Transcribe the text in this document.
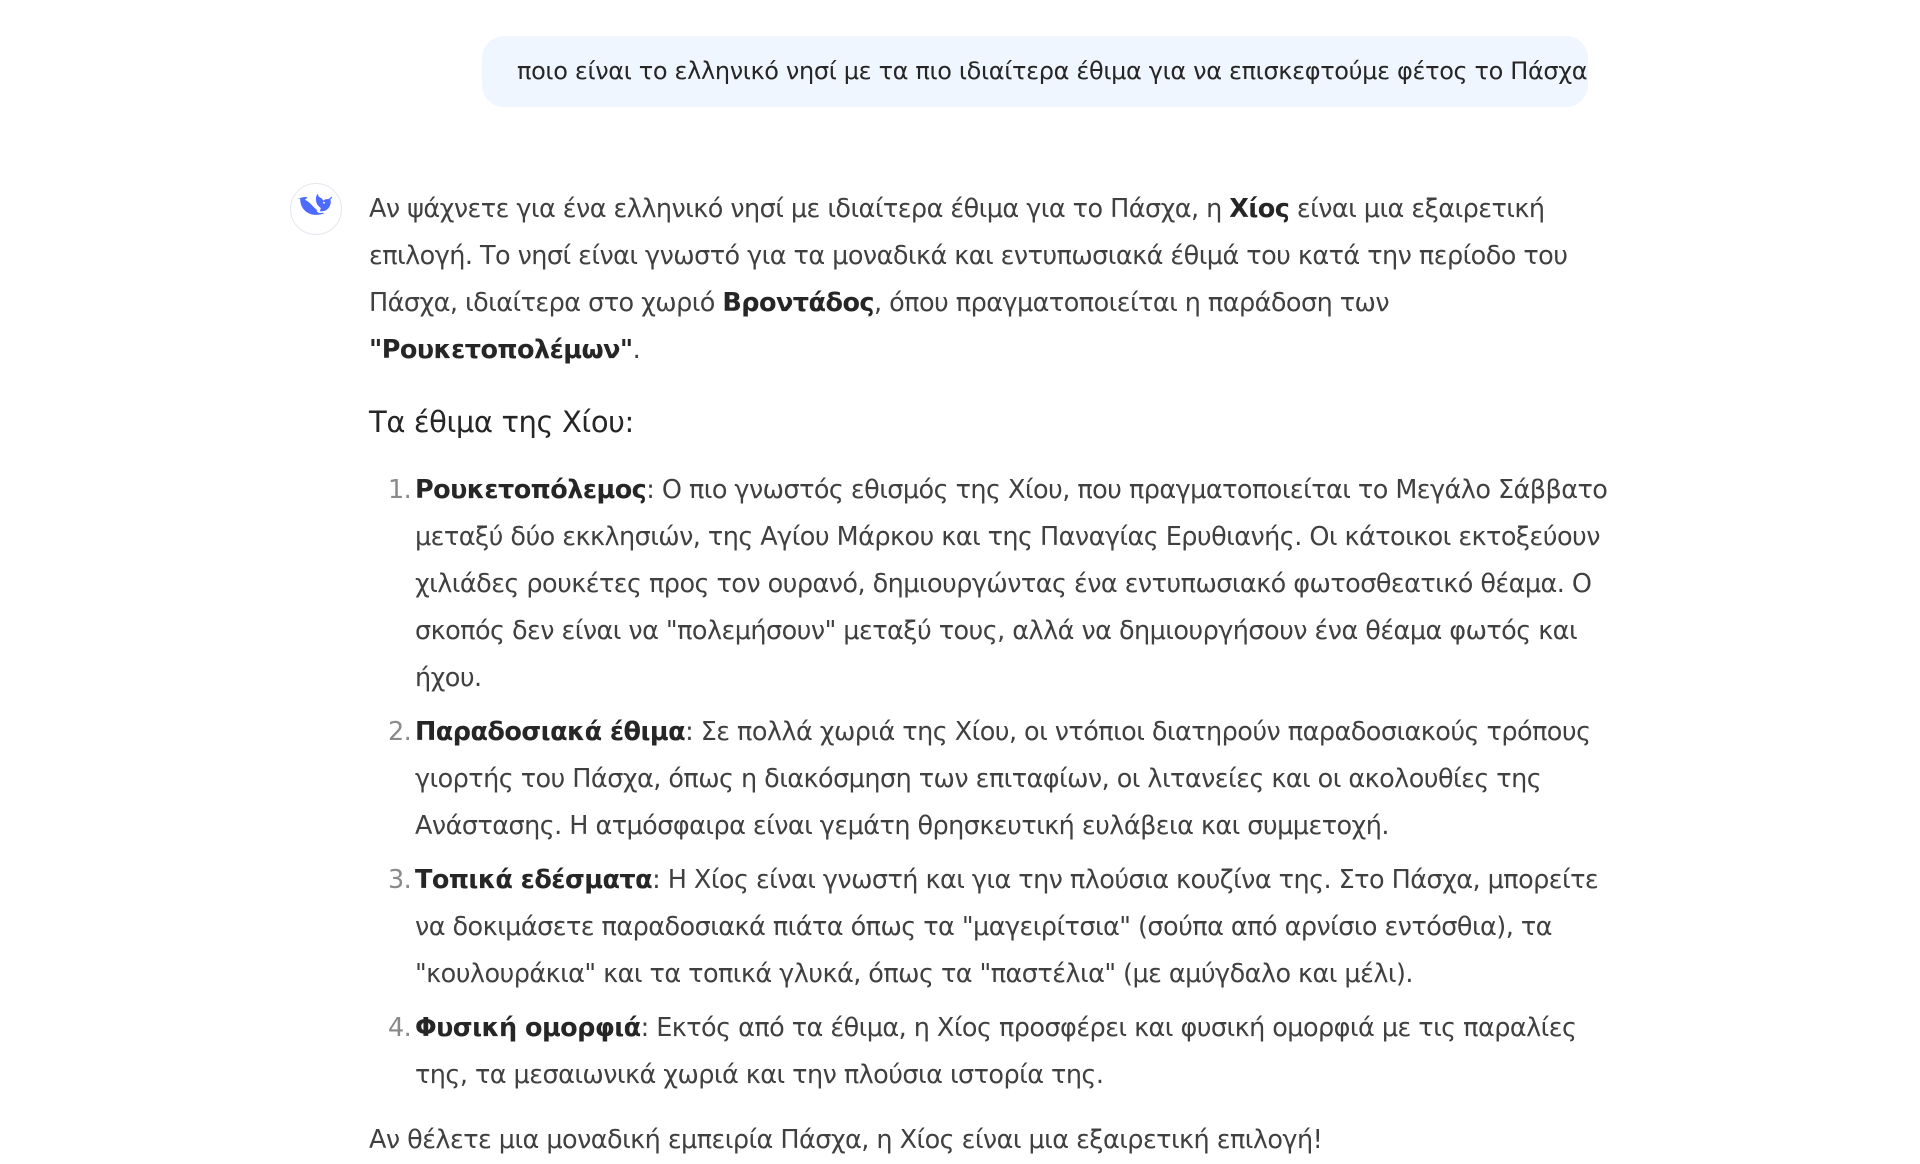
ποιο είναι το ελληνικό νησί με τα πιο ιδιαίτερα έθιμα για να επισκεφτούμε φέτος το Πάσχα

Αν ψάχνετε για ένα ελληνικό νησί με ιδιαίτερα έθιμα για το Πάσχα, η Χίος είναι μια εξαιρετική επιλογή. Το νησί είναι γνωστό για τα μοναδικά και εντυπωσιακά έθιμά του κατά την περίοδο του Πάσχα, ιδιαίτερα στο χωριό Βροντάδος, όπου πραγματοποιείται η παράδοση των "Ρουκετοπολέμων".

Τα έθιμα της Χίου:
1. Ρουκετοπόλεμος: Ο πιο γνωστός εθισμός της Χίου, που πραγματοποιείται το Μεγάλο Σάββατο μεταξύ δύο εκκλησιών, της Αγίου Μάρκου και της Παναγίας Ερυθιανής. Οι κάτοικοι εκτοξεύουν χιλιάδες ρουκέτες προς τον ουρανό, δημιουργώντας ένα εντυπωσιακό φωτοσθεατικό θέαμα. Ο σκοπός δεν είναι να "πολεμήσουν" μεταξύ τους, αλλά να δημιουργήσουν ένα θέαμα φωτός και ήχου.
2. Παραδοσιακά έθιμα: Σε πολλά χωριά της Χίου, οι ντόπιοι διατηρούν παραδοσιακούς τρόπους γιορτής του Πάσχα, όπως η διακόσμηση των επιταφίων, οι λιτανείες και οι ακολουθίες της Ανάστασης. Η ατμόσφαιρα είναι γεμάτη θρησκευτική ευλάβεια και συμμετοχή.
3. Τοπικά εδέσματα: Η Χίος είναι γνωστή και για την πλούσια κουζίνα της. Στο Πάσχα, μπορείτε να δοκιμάσετε παραδοσιακά πιάτα όπως τα "μαγειρίτσια" (σούπα από αρνίσιο εντόσθια), τα "κουλουράκια" και τα τοπικά γλυκά, όπως τα "παστέλια" (με αμύγδαλο και μέλι).
4. Φυσική ομορφιά: Εκτός από τα έθιμα, η Χίος προσφέρει και φυσική ομορφιά με τις παραλίες της, τα μεσαιωνικά χωριά και την πλούσια ιστορία της.

Αν θέλετε μια μοναδική εμπειρία Πάσχα, η Χίος είναι μια εξαιρετική επιλογή!
